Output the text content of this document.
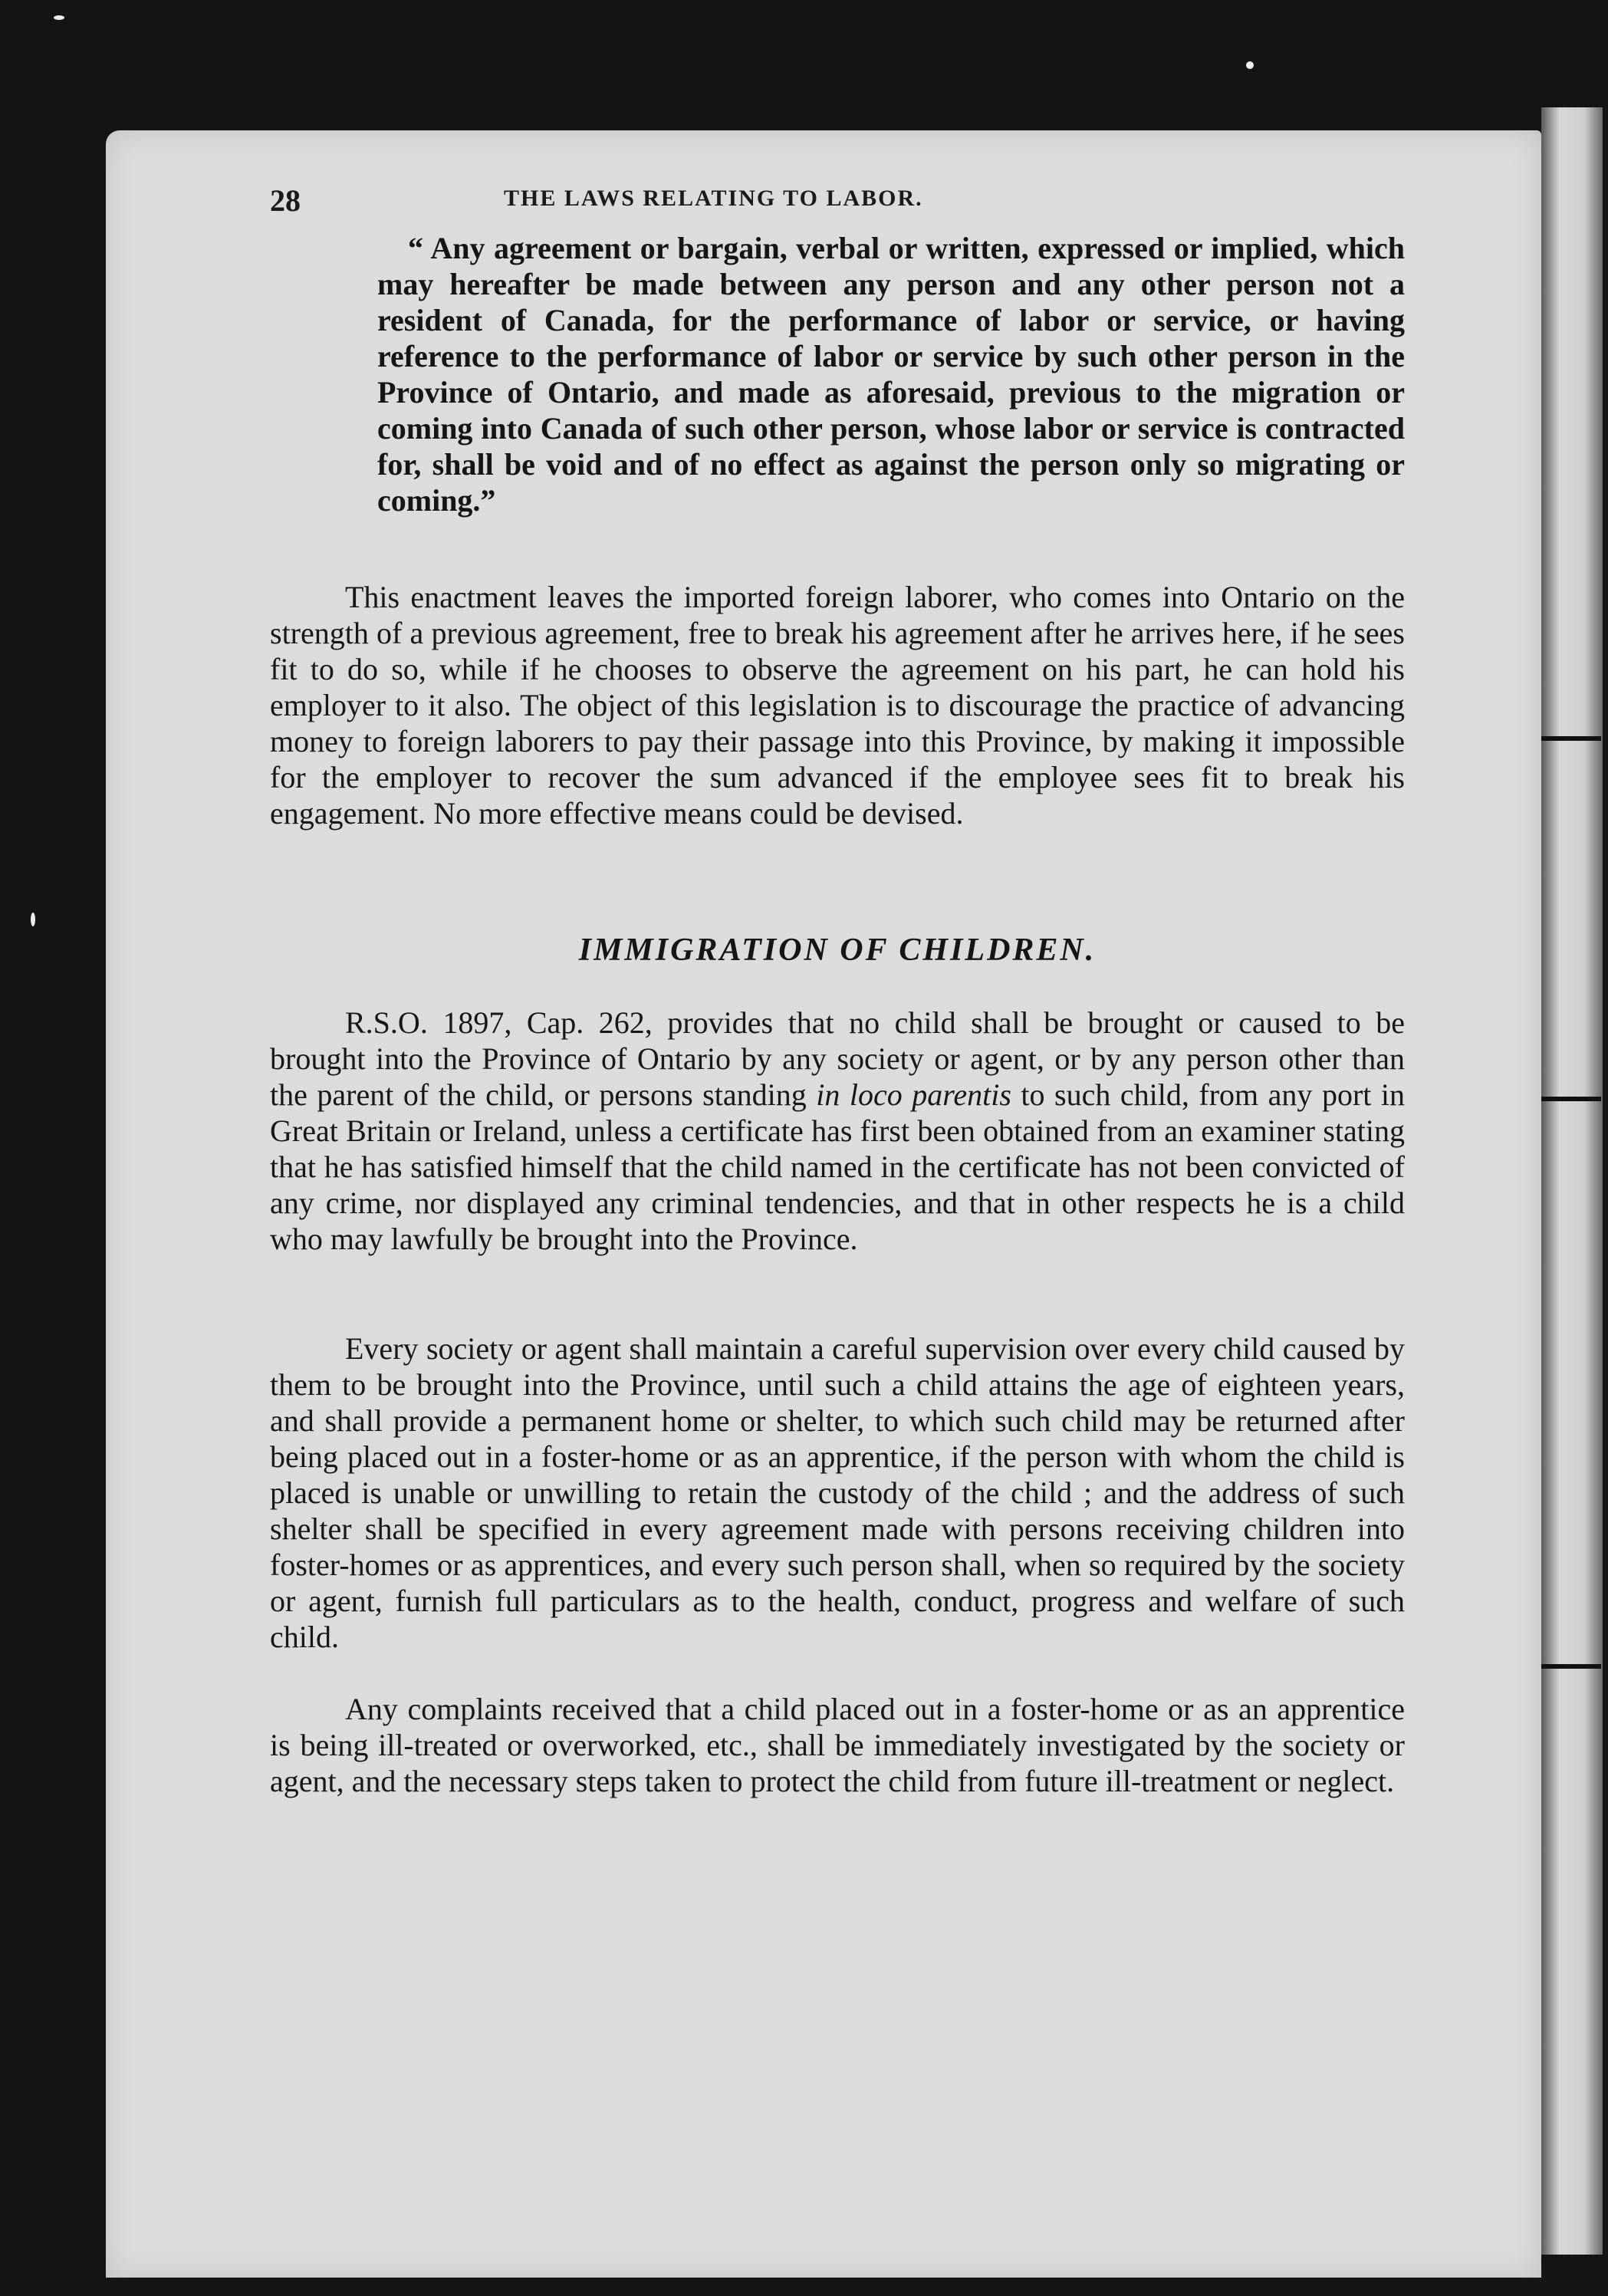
28	THE LAWS RELATING TO LABOR.

“ Any agreement or bargain, verbal or written, expressed or implied, which may hereafter be made between any person and any other person not a resident of Canada, for the performance of labor or service, or having reference to the performance of labor or service by such other person in the Province of Ontario, and made as aforesaid, previous to the migration or coming into Canada of such other person, whose labor or service is contracted for, shall be void and of no effect as against the person only so migrating or coming.”

This enactment leaves the imported foreign laborer, who comes into Ontario on the strength of a previous agreement, free to break his agreement after he arrives here, if he sees fit to do so, while if he chooses to observe the agreement on his part, he can hold his employer to it also. The object of this legislation is to discourage the practice of advancing money to foreign laborers to pay their passage into this Province, by making it impossible for the employer to recover the sum advanced if the employee sees fit to break his engagement. No more effective means could be devised.

IMMIGRATION OF CHILDREN.

R.S.O. 1897, Cap. 262, provides that no child shall be brought or caused to be brought into the Province of Ontario by any society or agent, or by any person other than the parent of the child, or persons standing in loco parentis to such child, from any port in Great Britain or Ireland, unless a certificate has first been obtained from an examiner stating that he has satisfied himself that the child named in the certificate has not been convicted of any crime, nor displayed any criminal tendencies, and that in other respects he is a child who may lawfully be brought into the Province.

Every society or agent shall maintain a careful supervision over every child caused by them to be brought into the Province, until such a child attains the age of eighteen years, and shall provide a permanent home or shelter, to which such child may be returned after being placed out in a foster-home or as an apprentice, if the person with whom the child is placed is unable or unwilling to retain the custody of the child ; and the address of such shelter shall be specified in every agreement made with persons receiving children into foster-homes or as apprentices, and every such person shall, when so required by the society or agent, furnish full particulars as to the health, conduct, progress and welfare of such child.

Any complaints received that a child placed out in a foster-home or as an apprentice is being ill-treated or overworked, etc., shall be immediately investigated by the society or agent, and the necessary steps taken to protect the child from future ill-treatment or neglect.
